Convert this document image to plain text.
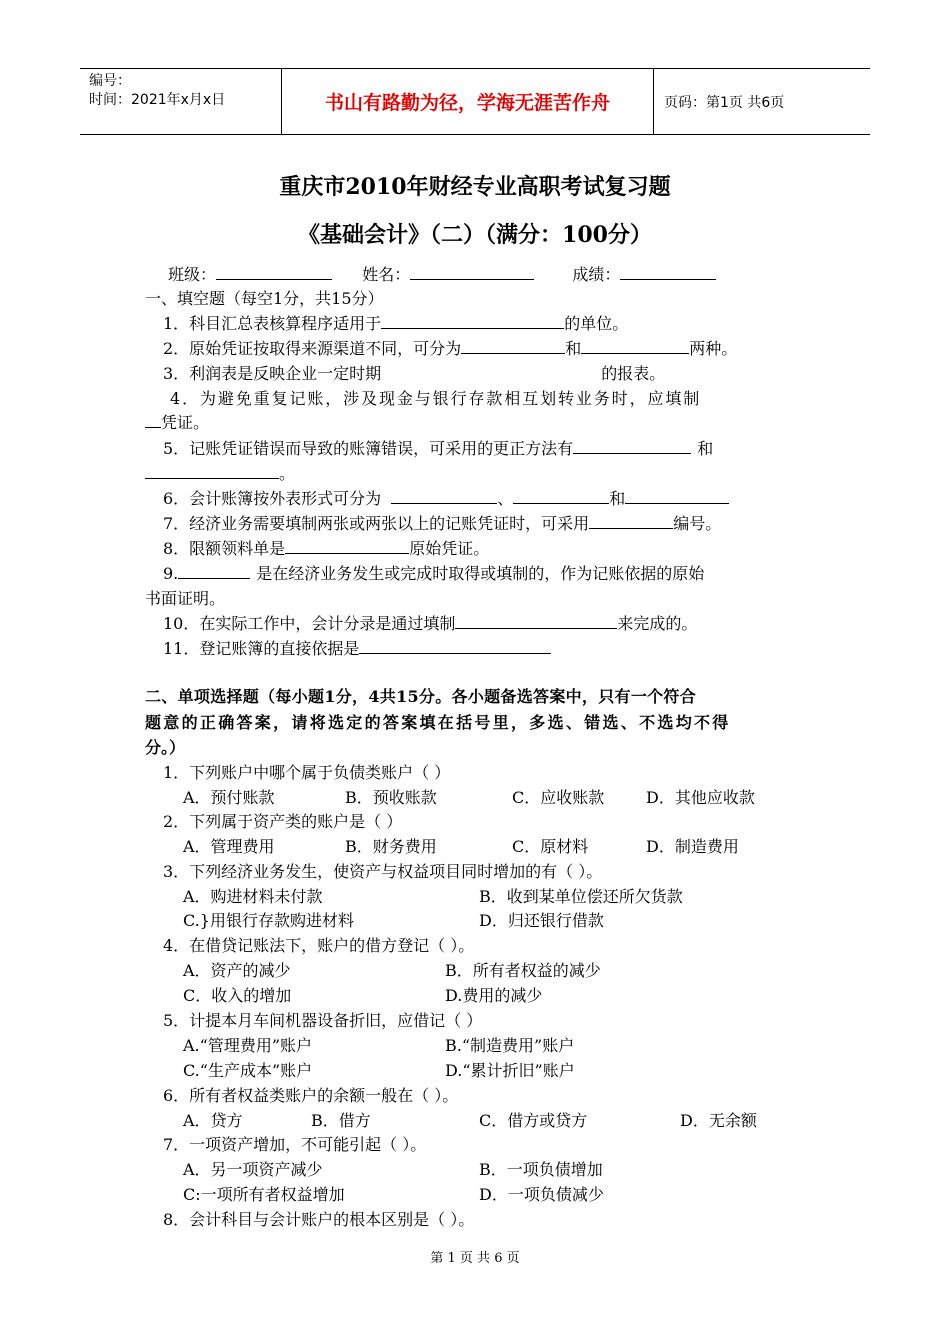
编号：
时间：2021年x月x日	书山有路勤为径，学海无涯苦作舟	页码：第1页 共6页
重庆市2010年财经专业高职考试复习题
《基础会计》（二）（满分：100分）
班级：	姓名：	成绩：
一、填空题（每空1分，共15分）
1．科目汇总表核算程序适用于	的单位。
2．原始凭证按取得来源渠道不同，可分为	和	两种。
3．利润表是反映企业一定时期	的报表。
4．为避免重复记账，涉及现金与银行存款相互划转业务时，应填制
凭证。
5．记账凭证错误而导致的账簿错误，可采用的更正方法有	和
。
6．会计账簿按外表形式可分为	、	和
7．经济业务需要填制两张或两张以上的记账凭证时，可采用	编号。
8．限额领料单是	原始凭证。
9.	是在经济业务发生或完成时取得或填制的，作为记账依据的原始
书面证明。
10．在实际工作中，会计分录是通过填制	来完成的。
11．登记账簿的直接依据是
二、单项选择题（每小题1分，4共15分。各小题备选答案中，只有一个符合
题意的正确答案，请将选定的答案填在括号里，多选、错选、不选均不得
分。）
1．下列账户中哪个属于负债类账户（ ）
A．预付账款	B．预收账款	C．应收账款	D．其他应收款
2．下列属于资产类的账户是（ ）
A．管理费用	B．财务费用	C．原材料	D．制造费用
3．下列经济业务发生，使资产与权益项目同时增加的有（ ）。
A．购进材料未付款	B．收到某单位偿还所欠货款
C.}用银行存款购进材料	D．归还银行借款
4．在借贷记账法下，账户的借方登记（ ）。
A．资产的减少	B．所有者权益的减少
C．收入的增加	D.费用的减少
5．计提本月车间机器设备折旧，应借记（ ）
A.“管理费用”账户	B.“制造费用”账户
C.“生产成本”账户	D.“累计折旧”账户
6．所有者权益类账户的余额一般在（ ）。
A．贷方	B．借方	C．借方或贷方	D．无余额
7．一项资产增加，不可能引起（ ）。
A．另一项资产减少	B．一项负债增加
C:一项所有者权益增加	D．一项负债减少
8．会计科目与会计账户的根本区别是（ ）。
第 1 页 共 6 页
